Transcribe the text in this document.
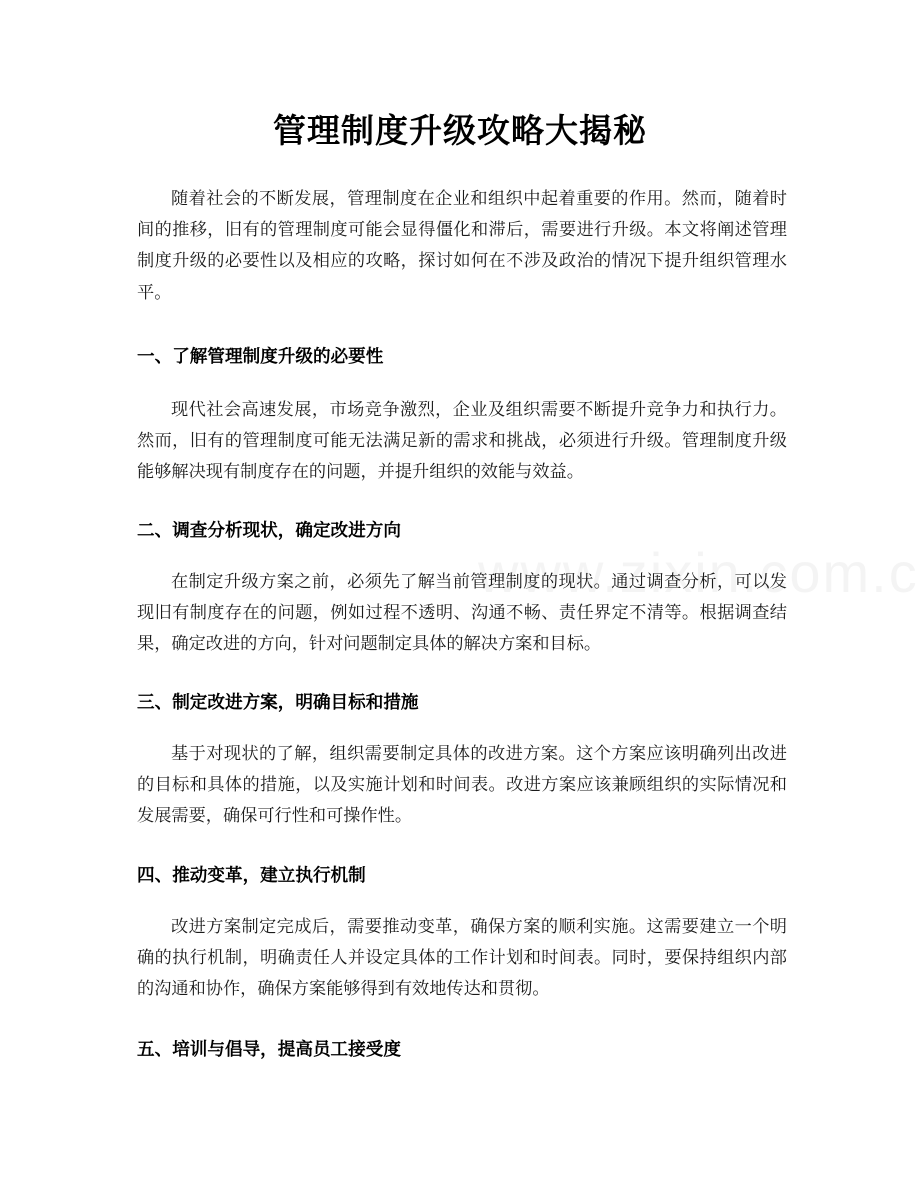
管理制度升级攻略大揭秘
随着社会的不断发展，管理制度在企业和组织中起着重要的作用。然而，随着时间的推移，旧有的管理制度可能会显得僵化和滞后，需要进行升级。本文将阐述管理制度升级的必要性以及相应的攻略，探讨如何在不涉及政治的情况下提升组织管理水平。
一、了解管理制度升级的必要性
现代社会高速发展，市场竞争激烈，企业及组织需要不断提升竞争力和执行力。然而，旧有的管理制度可能无法满足新的需求和挑战，必须进行升级。管理制度升级能够解决现有制度存在的问题，并提升组织的效能与效益。
二、调查分析现状，确定改进方向
在制定升级方案之前，必须先了解当前管理制度的现状。通过调查分析，可以发现旧有制度存在的问题，例如过程不透明、沟通不畅、责任界定不清等。根据调查结果，确定改进的方向，针对问题制定具体的解决方案和目标。
三、制定改进方案，明确目标和措施
基于对现状的了解，组织需要制定具体的改进方案。这个方案应该明确列出改进的目标和具体的措施，以及实施计划和时间表。改进方案应该兼顾组织的实际情况和发展需要，确保可行性和可操作性。
四、推动变革，建立执行机制
改进方案制定完成后，需要推动变革，确保方案的顺利实施。这需要建立一个明确的执行机制，明确责任人并设定具体的工作计划和时间表。同时，要保持组织内部的沟通和协作，确保方案能够得到有效地传达和贯彻。
五、培训与倡导，提高员工接受度
